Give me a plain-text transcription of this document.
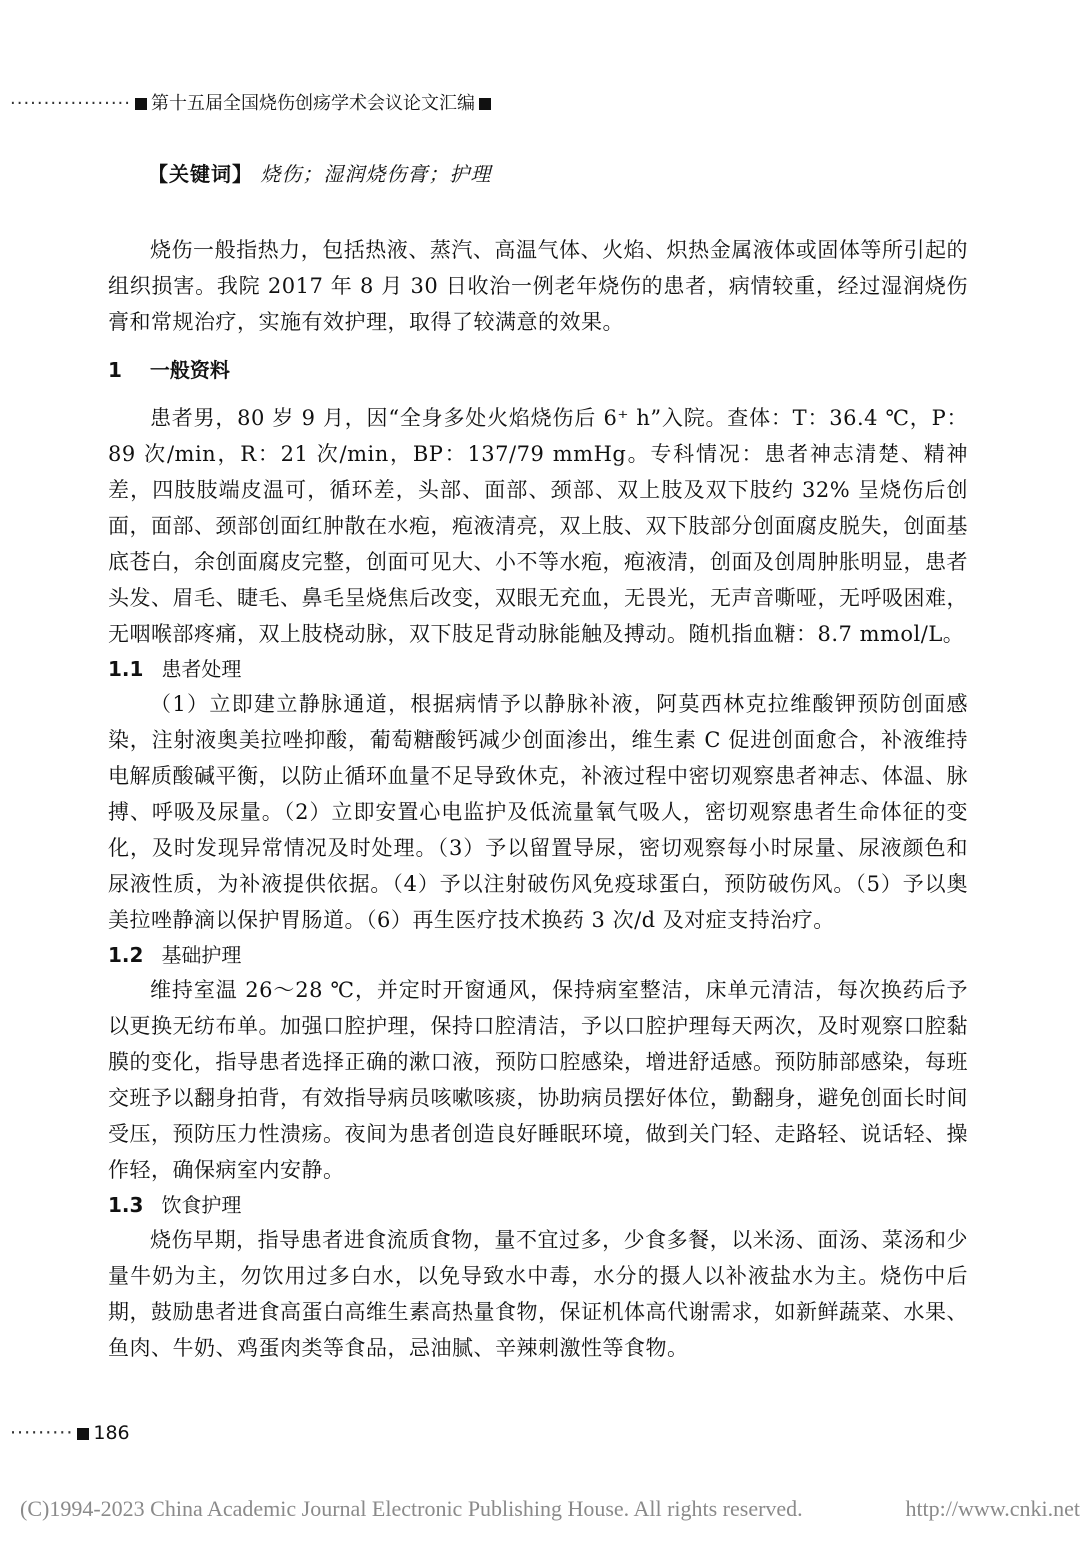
·················· 第十五届全国烧伤创疡学术会议论文汇编

【关键词】 烧伤；湿润烧伤膏；护理

烧伤一般指热力，包括热液、蒸汽、高温气体、火焰、炽热金属液体或固体等所引起的组织损害。我院 2017 年 8 月 30 日收治一例老年烧伤的患者，病情较重，经过湿润烧伤膏和常规治疗，实施有效护理，取得了较满意的效果。

1 一般资料

患者男，80 岁 9 月，因“全身多处火焰烧伤后 6⁺ h”入院。查体：T：36.4 ℃，P：89 次/min，R：21 次/min，BP：137/79 mmHg。专科情况：患者神志清楚、精神差，四肢肢端皮温可，循环差，头部、面部、颈部、双上肢及双下肢约 32% 呈烧伤后创面，面部、颈部创面红肿散在水疱，疱液清亮，双上肢、双下肢部分创面腐皮脱失，创面基底苍白，余创面腐皮完整，创面可见大、小不等水疱，疱液清，创面及创周肿胀明显，患者头发、眉毛、睫毛、鼻毛呈烧焦后改变，双眼无充血，无畏光，无声音嘶哑，无呼吸困难，无咽喉部疼痛，双上肢桡动脉，双下肢足背动脉能触及搏动。随机指血糖：8.7 mmol/L。

1.1 患者处理

（1）立即建立静脉通道，根据病情予以静脉补液，阿莫西林克拉维酸钾预防创面感染，注射液奥美拉唑抑酸，葡萄糖酸钙减少创面渗出，维生素 C 促进创面愈合，补液维持电解质酸碱平衡，以防止循环血量不足导致休克，补液过程中密切观察患者神志、体温、脉搏、呼吸及尿量。（2）立即安置心电监护及低流量氧气吸人，密切观察患者生命体征的变化，及时发现异常情况及时处理。（3）予以留置导尿，密切观察每小时尿量、尿液颜色和尿液性质，为补液提供依据。（4）予以注射破伤风免疫球蛋白，预防破伤风。（5）予以奥美拉唑静滴以保护胃肠道。（6）再生医疗技术换药 3 次/d 及对症支持治疗。

1.2 基础护理

维持室温 26～28 ℃，并定时开窗通风，保持病室整洁，床单元清洁，每次换药后予以更换无纺布单。加强口腔护理，保持口腔清洁，予以口腔护理每天两次，及时观察口腔黏膜的变化，指导患者选择正确的漱口液，预防口腔感染，增进舒适感。预防肺部感染，每班交班予以翻身拍背，有效指导病员咳嗽咳痰，协助病员摆好体位，勤翻身，避免创面长时间受压，预防压力性溃疡。夜间为患者创造良好睡眠环境，做到关门轻、走路轻、说话轻、操作轻，确保病室内安静。

1.3 饮食护理

烧伤早期，指导患者进食流质食物，量不宜过多，少食多餐，以米汤、面汤、菜汤和少量牛奶为主，勿饮用过多白水，以免导致水中毒，水分的摄人以补液盐水为主。烧伤中后期，鼓励患者进食高蛋白高维生素高热量食物，保证机体高代谢需求，如新鲜蔬菜、水果、鱼肉、牛奶、鸡蛋肉类等食品，忌油腻、辛辣刺激性等食物。

········· 186
(C)1994-2023 China Academic Journal Electronic Publishing House. All rights reserved.	http://www.cnki.net
